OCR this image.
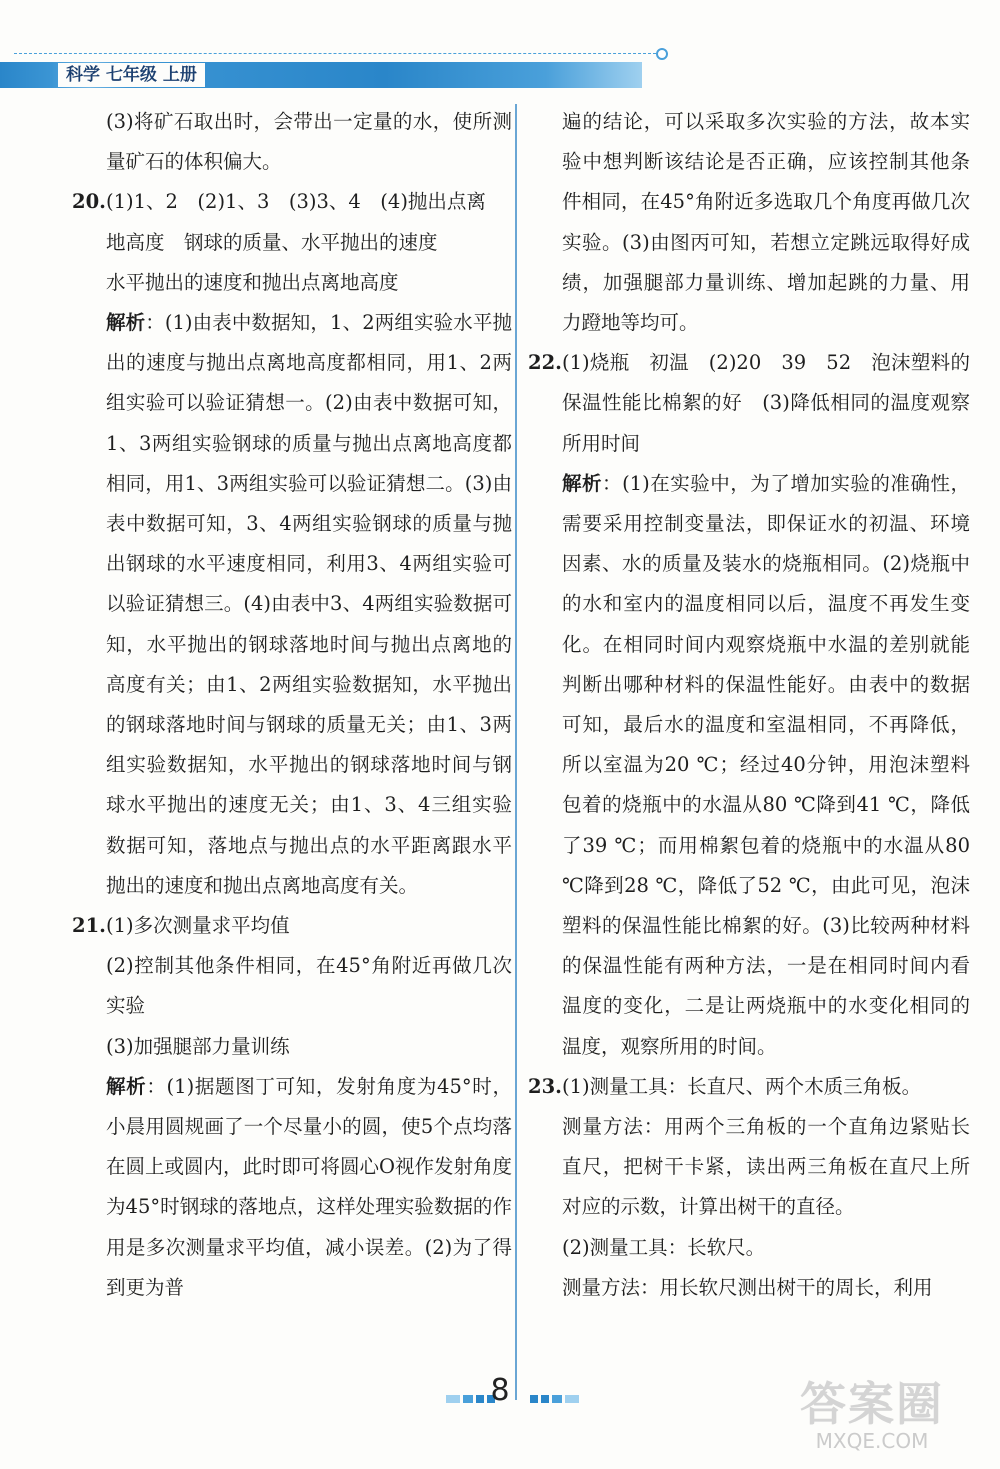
科学 七年级 上册

(3)将矿石取出时，会带出一定量的水，使所测量矿石的体积偏大。

20. (1)1、2　(2)1、3　(3)3、4　(4)抛出点离

地高度　钢球的质量、水平抛出的速度

水平抛出的速度和抛出点离地高度

解析：(1)由表中数据知，1、2两组实验水平抛出的速度与抛出点离地高度都相同，用1、2两组实验可以验证猜想一。(2)由表中数据可知，1、3两组实验钢球的质量与抛出点离地高度都相同，用1、3两组实验可以验证猜想二。(3)由表中数据可知，3、4两组实验钢球的质量与抛出钢球的水平速度相同，利用3、4两组实验可以验证猜想三。(4)由表中3、4两组实验数据可知，水平抛出的钢球落地时间与抛出点离地的高度有关；由1、2两组实验数据知，水平抛出的钢球落地时间与钢球的质量无关；由1、3两组实验数据知，水平抛出的钢球落地时间与钢球水平抛出的速度无关；由1、3、4三组实验数据可知，落地点与抛出点的水平距离跟水平抛出的速度和抛出点离地高度有关。

21. (1)多次测量求平均值

(2)控制其他条件相同，在45°角附近再做几次实验

(3)加强腿部力量训练

解析：(1)据题图丁可知，发射角度为45°时，小晨用圆规画了一个尽量小的圆，使5个点均落在圆上或圆内，此时即可将圆心O视作发射角度为45°时钢球的落地点，这样处理实验数据的作用是多次测量求平均值，减小误差。(2)为了得到更为普

遍的结论，可以采取多次实验的方法，故本实验中想判断该结论是否正确，应该控制其他条件相同，在45°角附近多选取几个角度再做几次实验。(3)由图丙可知，若想立定跳远取得好成绩，加强腿部力量训练、增加起跳的力量、用力蹬地等均可。

22. (1)烧瓶　初温　(2)20　39　52　泡沫塑料的保温性能比棉絮的好　(3)降低相同的温度观察所用时间

解析：(1)在实验中，为了增加实验的准确性，需要采用控制变量法，即保证水的初温、环境因素、水的质量及装水的烧瓶相同。(2)烧瓶中的水和室内的温度相同以后，温度不再发生变化。在相同时间内观察烧瓶中水温的差别就能判断出哪种材料的保温性能好。由表中的数据可知，最后水的温度和室温相同，不再降低，所以室温为20 ℃；经过40分钟，用泡沫塑料包着的烧瓶中的水温从80 ℃降到41 ℃，降低了39 ℃；而用棉絮包着的烧瓶中的水温从80 ℃降到28 ℃，降低了52 ℃，由此可见，泡沫塑料的保温性能比棉絮的好。(3)比较两种材料的保温性能有两种方法，一是在相同时间内看温度的变化，二是让两烧瓶中的水变化相同的温度，观察所用的时间。

23. (1)测量工具：长直尺、两个木质三角板。

测量方法：用两个三角板的一个直角边紧贴长直尺，把树干卡紧，读出两三角板在直尺上所对应的示数，计算出树干的直径。

(2)测量工具：长软尺。

测量方法：用长软尺测出树干的周长，利用

8	答案圈
MXQE.COM
